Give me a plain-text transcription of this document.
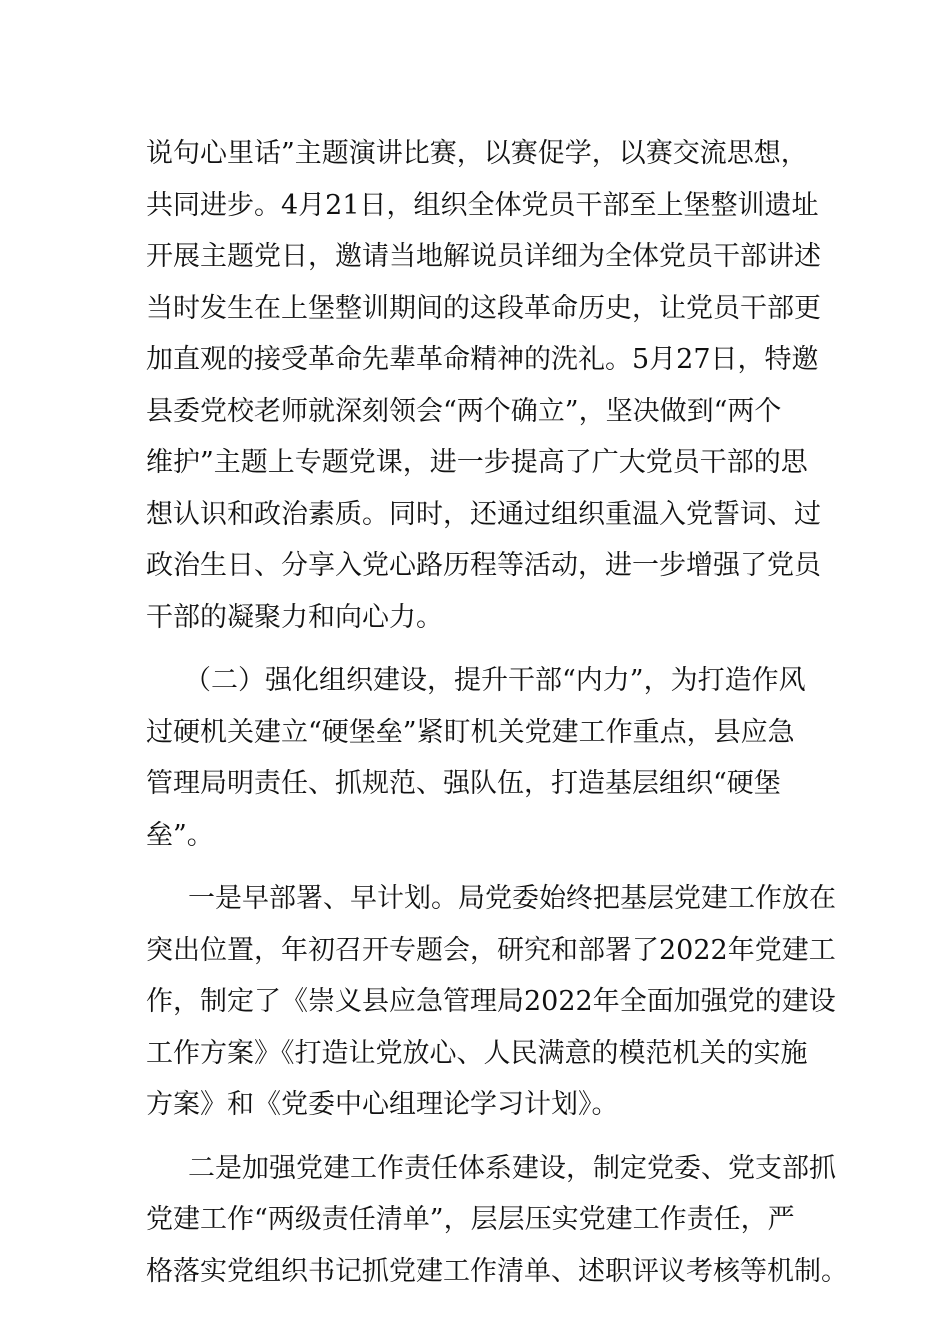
说句心里话”主题演讲比赛，以赛促学，以赛交流思想，
共同进步。4月21日，组织全体党员干部至上堡整训遗址
开展主题党日，邀请当地解说员详细为全体党员干部讲述
当时发生在上堡整训期间的这段革命历史，让党员干部更
加直观的接受革命先辈革命精神的洗礼。5月27日，特邀
县委党校老师就深刻领会“两个确立”，坚决做到“两个
维护”主题上专题党课，进一步提高了广大党员干部的思
想认识和政治素质。同时，还通过组织重温入党誓词、过
政治生日、分享入党心路历程等活动，进一步增强了党员
干部的凝聚力和向心力。
（二）强化组织建设，提升干部“内力”，为打造作风
过硬机关建立“硬堡垒”紧盯机关党建工作重点，县应急
管理局明责任、抓规范、强队伍，打造基层组织“硬堡
垒”。
一是早部署、早计划。局党委始终把基层党建工作放在
突出位置，年初召开专题会，研究和部署了2022年党建工
作，制定了《崇义县应急管理局2022年全面加强党的建设
工作方案》《打造让党放心、人民满意的模范机关的实施
方案》和《党委中心组理论学习计划》。
二是加强党建工作责任体系建设，制定党委、党支部抓
党建工作“两级责任清单”，层层压实党建工作责任，严
格落实党组织书记抓党建工作清单、述职评议考核等机制。
